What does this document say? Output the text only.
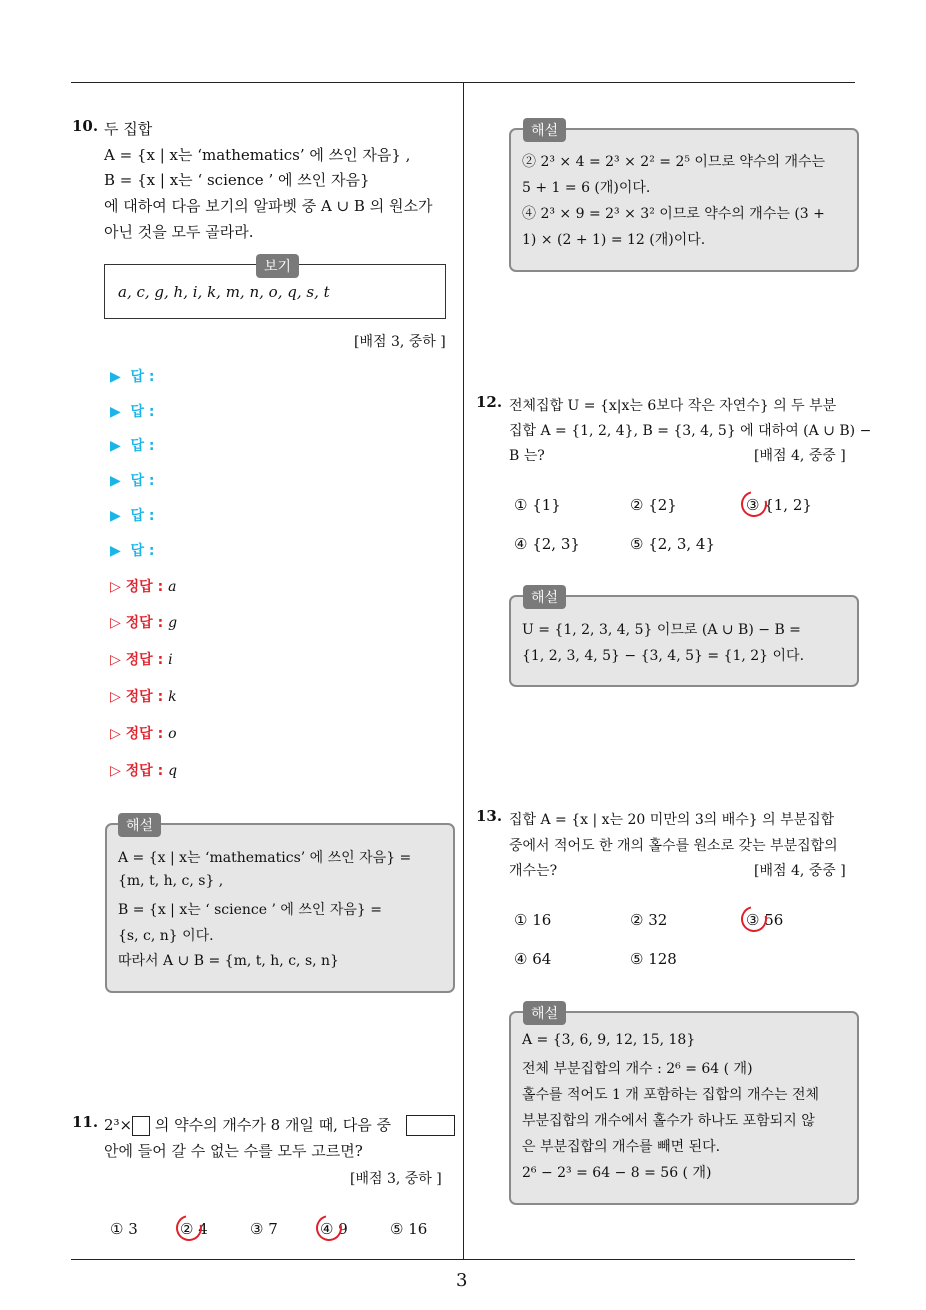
3
10. 두 집합
A = {x | x는 ‘mathematics’ 에 쓰인 자음} ,
B = {x | x는 ‘ science ’ 에 쓰인 자음}
에 대하여 다음 보기의 알파벳 중 A ∪ B 의 원소가
아닌 것을 모두 골라라.
보기
a, c, g, h, i, k, m, n, o, q, s, t
[배점 3, 중하 ]
▶ 답 :
▶ 답 :
▶ 답 :
▶ 답 :
▶ 답 :
▶ 답 :
▷ 정답 : a
▷ 정답 : g
▷ 정답 : i
▷ 정답 : k
▷ 정답 : o
▷ 정답 : q
해설
A = {x | x는 ‘mathematics’ 에 쓰인 자음} =
{m, t, h, c, s} ,
B = {x | x는 ‘ science ’ 에 쓰인 자음} =
{s, c, n} 이다.
따라서 A ∪ B = {m, t, h, c, s, n}
11. 2³× 의 약수의 개수가 8 개일 때, 다음 중
안에 들어 갈 수 없는 수를 모두 고르면?
[배점 3, 중하 ]
① 3	② 4	③ 7	④ 9	⑤ 16
해설
② 2³ × 4 = 2³ × 2² = 2⁵ 이므로 약수의 개수는
5 + 1 = 6 (개)이다.
④ 2³ × 9 = 2³ × 3² 이므로 약수의 개수는 (3 +
1) × (2 + 1) = 12 (개)이다.
12. 전체집합 U = {x|x는 6보다 작은 자연수} 의 두 부분
집합 A = {1, 2, 4}, B = {3, 4, 5} 에 대하여 (A ∪ B) −
B 는?	[배점 4, 중중 ]
① {1}	② {2}	③ {1, 2}
④ {2, 3}	⑤ {2, 3, 4}
해설
U = {1, 2, 3, 4, 5} 이므로 (A ∪ B) − B =
{1, 2, 3, 4, 5} − {3, 4, 5} = {1, 2} 이다.
13. 집합 A = {x | x는 20 미만의 3의 배수} 의 부분집합
중에서 적어도 한 개의 홀수를 원소로 갖는 부분집합의
개수는?	[배점 4, 중중 ]
① 16	② 32	③ 56
④ 64	⑤ 128
해설
A = {3, 6, 9, 12, 15, 18}
전체 부분집합의 개수 : 2⁶ = 64 ( 개)
홀수를 적어도 1 개 포함하는 집합의 개수는 전체
부분집합의 개수에서 홀수가 하나도 포함되지 않
은 부분집합의 개수를 빼면 된다.
2⁶ − 2³ = 64 − 8 = 56 ( 개)
